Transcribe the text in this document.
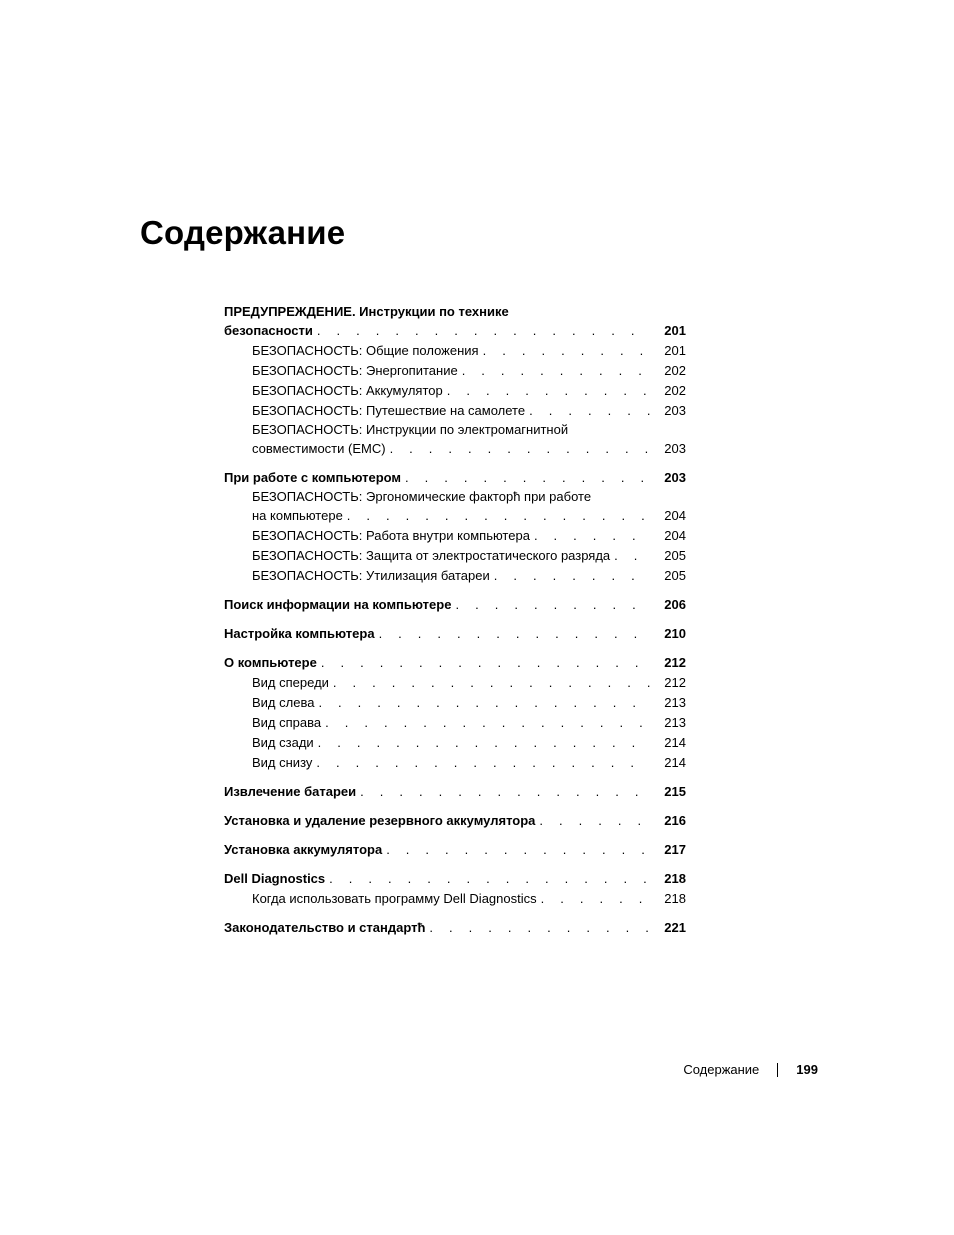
Содержание
ПРЕДУПРЕЖДЕНИЕ. Инструкции по технике
безопасности . . .	201
БЕЗОПАСНОСТЬ: Общие положения . . .	201
БЕЗОПАСНОСТЬ: Энергопитание . . .	202
БЕЗОПАСНОСТЬ: Аккумулятор . . .	202
БЕЗОПАСНОСТЬ: Путешествие на самолете . . .	203
БЕЗОПАСНОСТЬ: Инструкции по электромагнитной
совместимости (EMC) . . .	203
При работе с компьютером . . .	203
БЕЗОПАСНОСТЬ: Эргономические факторћ при работе
на компьютере . . .	204
БЕЗОПАСНОСТЬ: Работа внутри компьютера . . .	204
БЕЗОПАСНОСТЬ: Защита от электростатического разряда . . .	205
БЕЗОПАСНОСТЬ: Утилизация батареи . . .	205
Поиск информации на компьютере . . .	206
Настройка компьютера . . .	210
О компьютере . . .	212
Вид спереди . . .	212
Вид слева . . .	213
Вид справа . . .	213
Вид сзади . . .	214
Вид снизу . . .	214
Извлечение батареи . . .	215
Установка и удаление резервного аккумулятора . . .	216
Установка аккумулятора . . .	217
Dell Diagnostics . . .	218
Когда использовать программу Dell Diagnostics . . .	218
Законодательство и стандартћ . . .	221
Содержание	199
